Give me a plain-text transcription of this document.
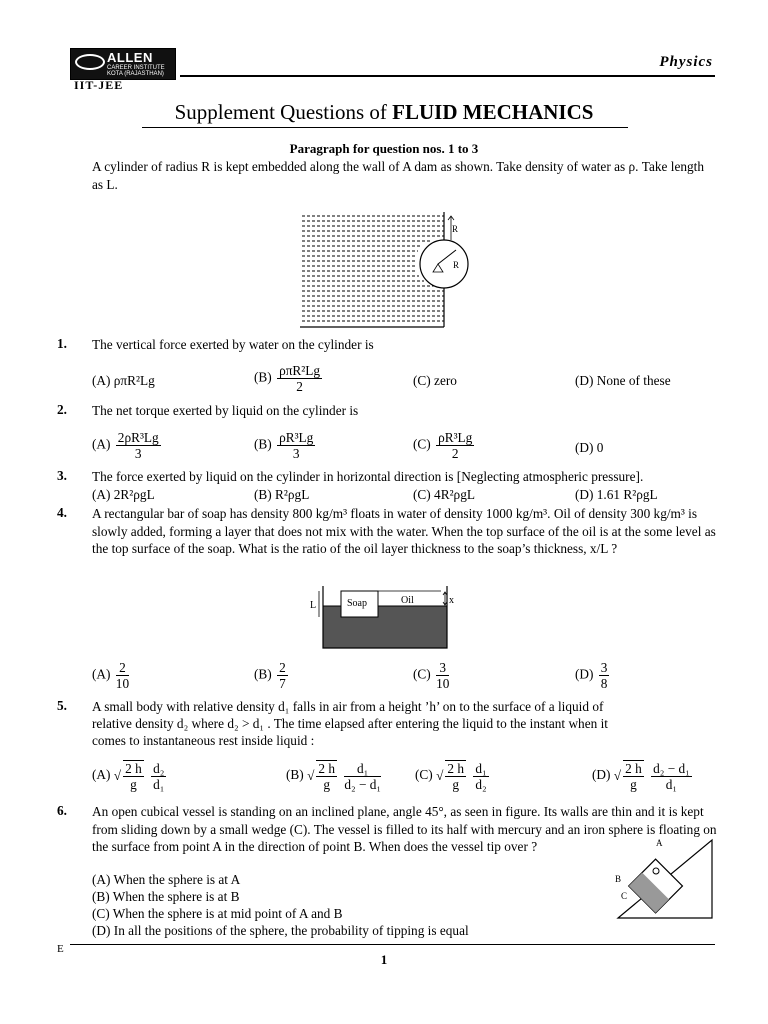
ALLEN
CAREER INSTITUTE KOTA (RAJASTHAN)
IIT-JEE
Physics
Supplement Questions of FLUID MECHANICS
Paragraph for question nos. 1 to 3
A cylinder of radius R is kept embedded along the wall of A dam as shown. Take density of water as ρ. Take length as L.
R
R
1. The vertical force exerted by water on the cylinder is
(A) ρπR²Lg	$(B) \frac{\text{ρπR²Lg}}{2}$	(C) zero	(D) None of these
2. The net torque exerted by liquid on the cylinder is
$(A) \frac{\text{2ρR³Lg}}{3}$	$(B) \frac{\text{ρR³Lg}}{3}$	$(C) \frac{\text{ρR³Lg}}{2}$	(D) 0
3. The force exerted by liquid on the cylinder in horizontal direction is [Neglecting atmospheric pressure].
(A) 2R²ρgL	(B) R²ρgL	(C) 4R²ρgL	(D) 1.61 R²ρgL
4. A rectangular bar of soap has density 800 kg/m³ floats in water of density 1000 kg/m³. Oil of density 300 kg/m³ is slowly added, forming a layer that does not mix with the water. When the top surface of the oil is at the some level as the top surface of the soap. What is the ratio of the oil layer thickness to the soap’s thickness, x/L ?
Soap	Oil
L	x
$(A) \frac{2}{10}$	$(B) \frac{2}{7}$	$(C) \frac{3}{10}$	$(D) \frac{3}{8}$
5. A small body with relative density d₁ falls in air from a height ’h’ on to the surface of a liquid of
relative density d₂ where d₂ > d₁ . The time elapsed after entering the liquid to the instant when it
comes to instantaneous rest inside liquid :
(A) √ $\frac{2 h}{g}$
$\frac{\text{d₂}}{\text{d₁}}$	(B) √ $\frac{2 h}{g}$
$\frac{\text{d₁}}{\text{d₂ − d₁}}$	(C) √ $\frac{2 h}{g}$
$\frac{\text{d₁}}{\text{d₂}}$	(D) √ $\frac{2 h}{g}$
$\frac{\text{d₂ − d₁}}{\text{d₁}}$
6. An open cubical vessel is standing on an inclined plane, angle 45°, as seen in figure. Its walls are thin and it is kept from sliding down by a small wedge (C). The vessel is filled to its half with mercury and an iron sphere is floating on the surface from point A in the direction of point B. When does the vessel tip over ?
(A) When the sphere is at A
(B) When the sphere is at B
(C) When the sphere is at mid point of A and B
(D) In all the positions of the sphere, the probability of tipping is equal
A
B
C
E
1
